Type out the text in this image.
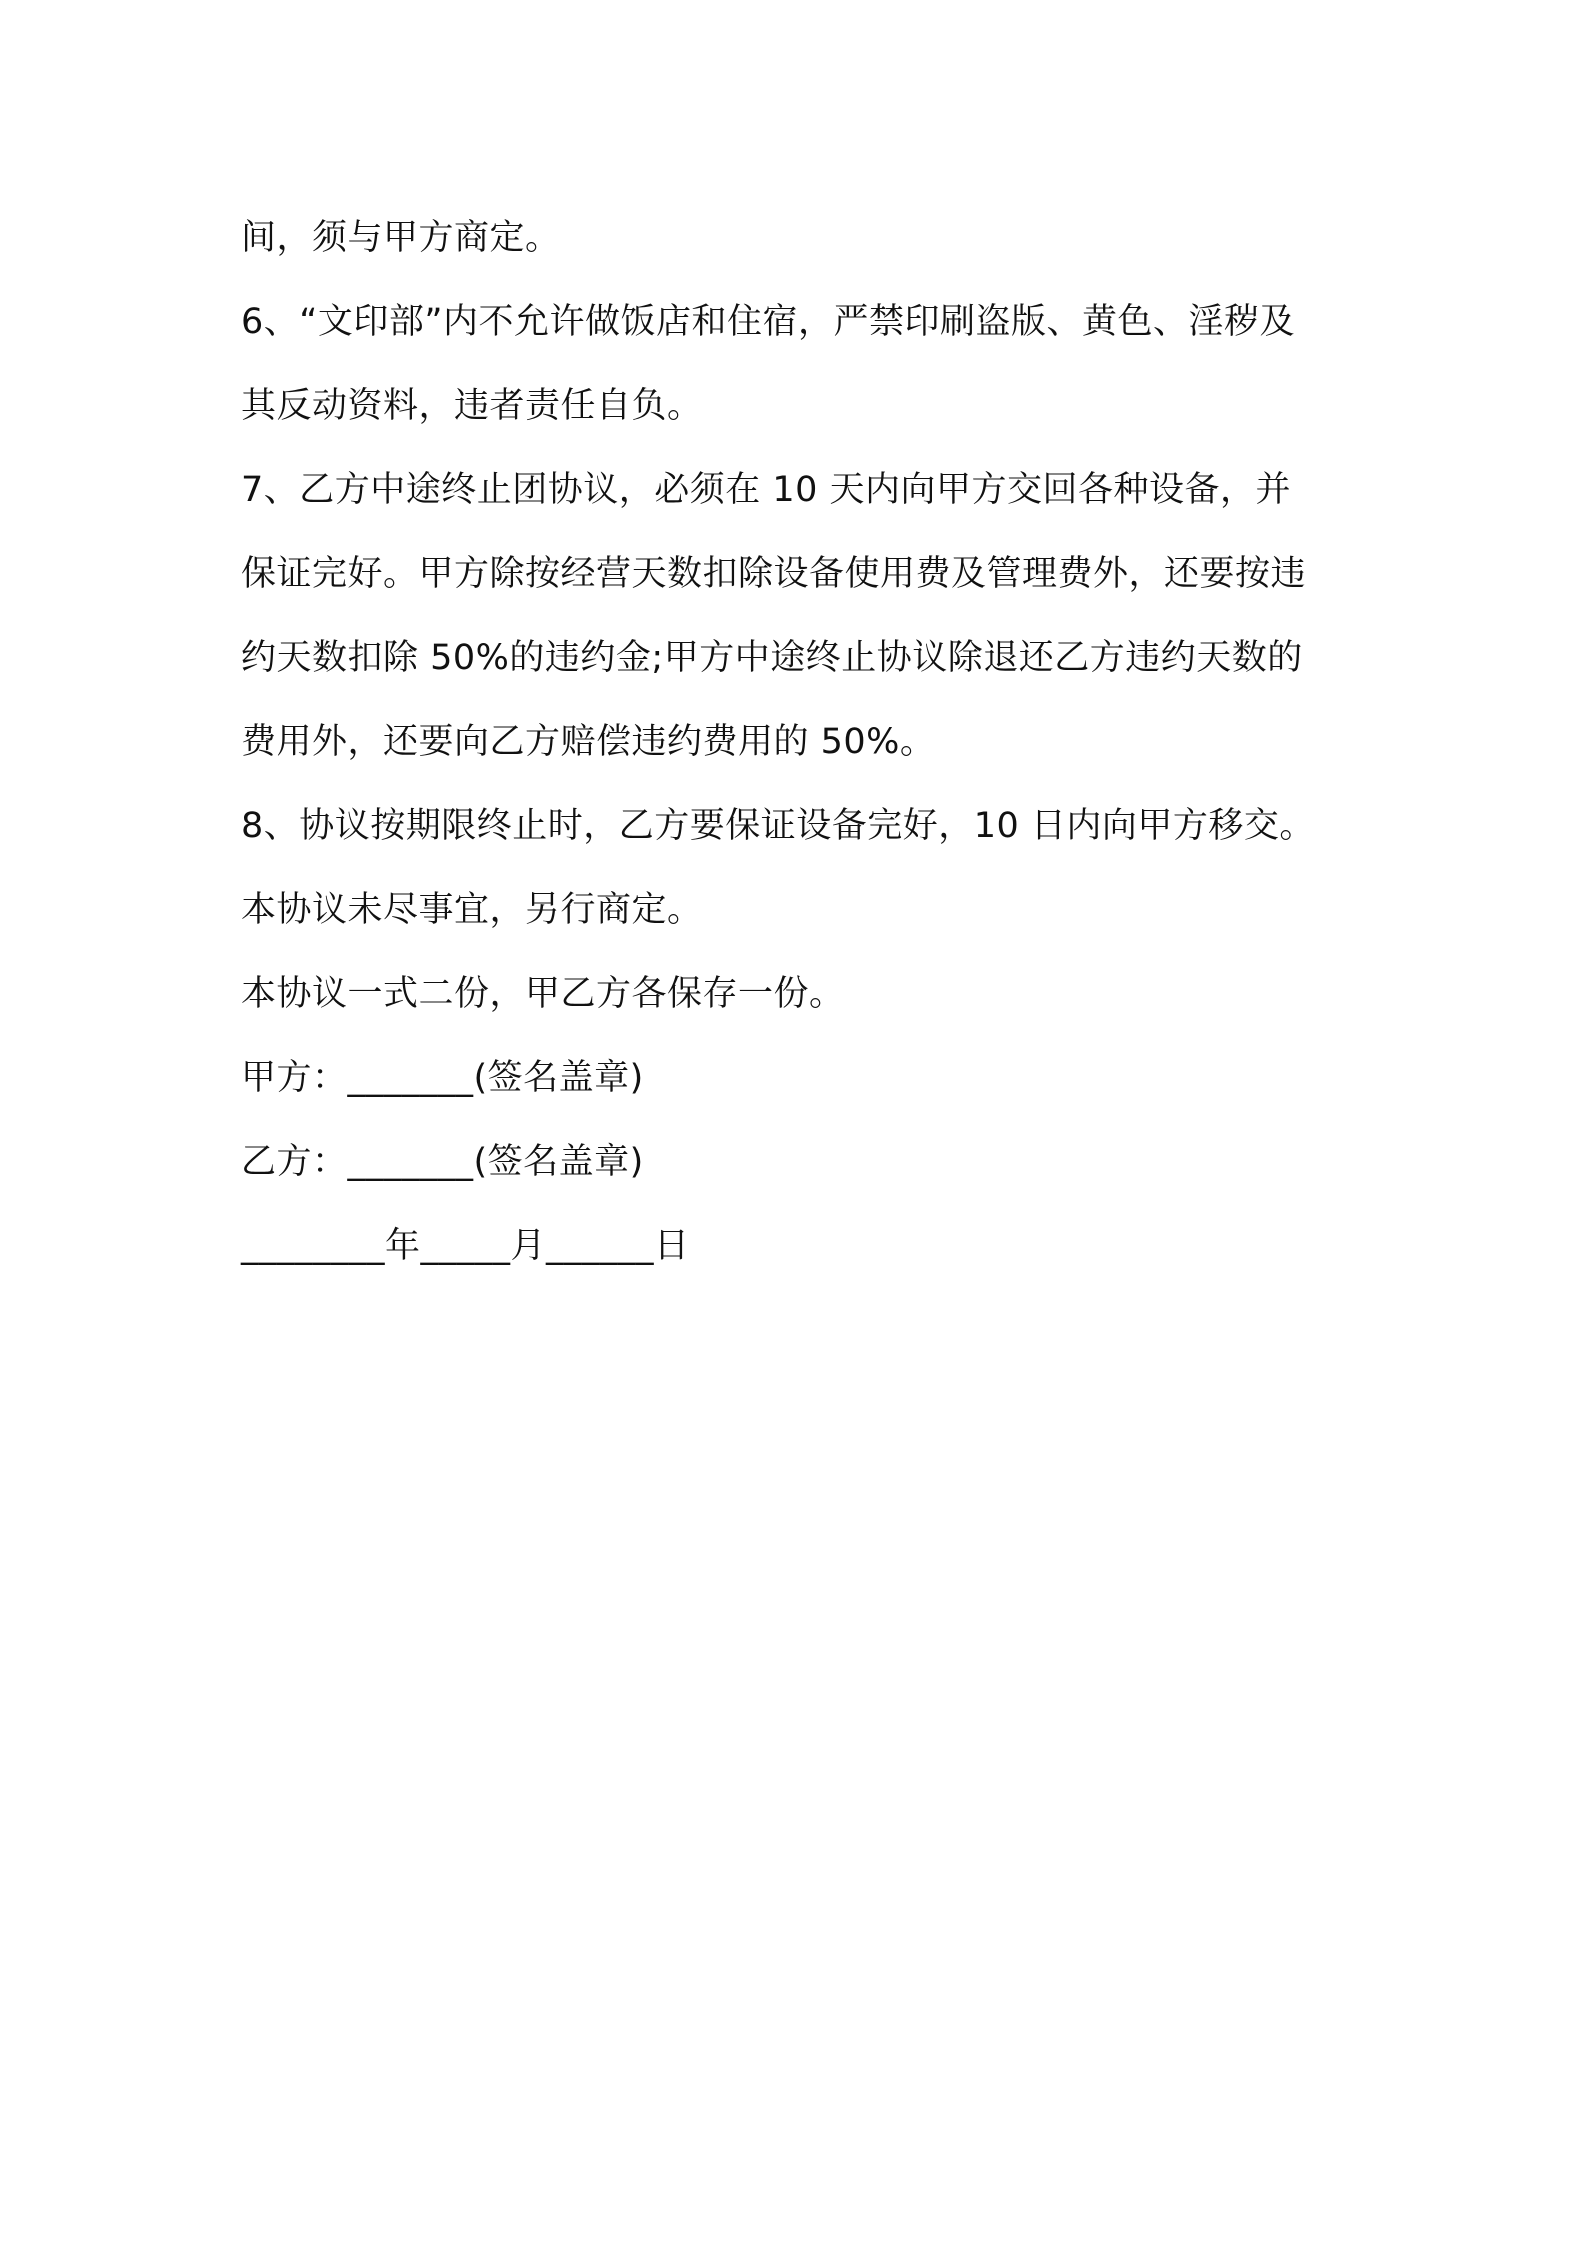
间，须与甲方商定。
6、“文印部”内不允许做饭店和住宿，严禁印刷盗版、黄色、淫秽及
其反动资料，违者责任自负。
7、乙方中途终止团协议，必须在 10 天内向甲方交回各种设备，并
保证完好。甲方除按经营天数扣除设备使用费及管理费外，还要按违
约天数扣除 50%的违约金;甲方中途终止协议除退还乙方违约天数的
费用外，还要向乙方赔偿违约费用的 50%。
8、协议按期限终止时，乙方要保证设备完好，10 日内向甲方移交。
本协议未尽事宜，另行商定。
本协议一式二份，甲乙方各保存一份。
甲方：_______(签名盖章)
乙方：_______(签名盖章)
________年_____月______日
